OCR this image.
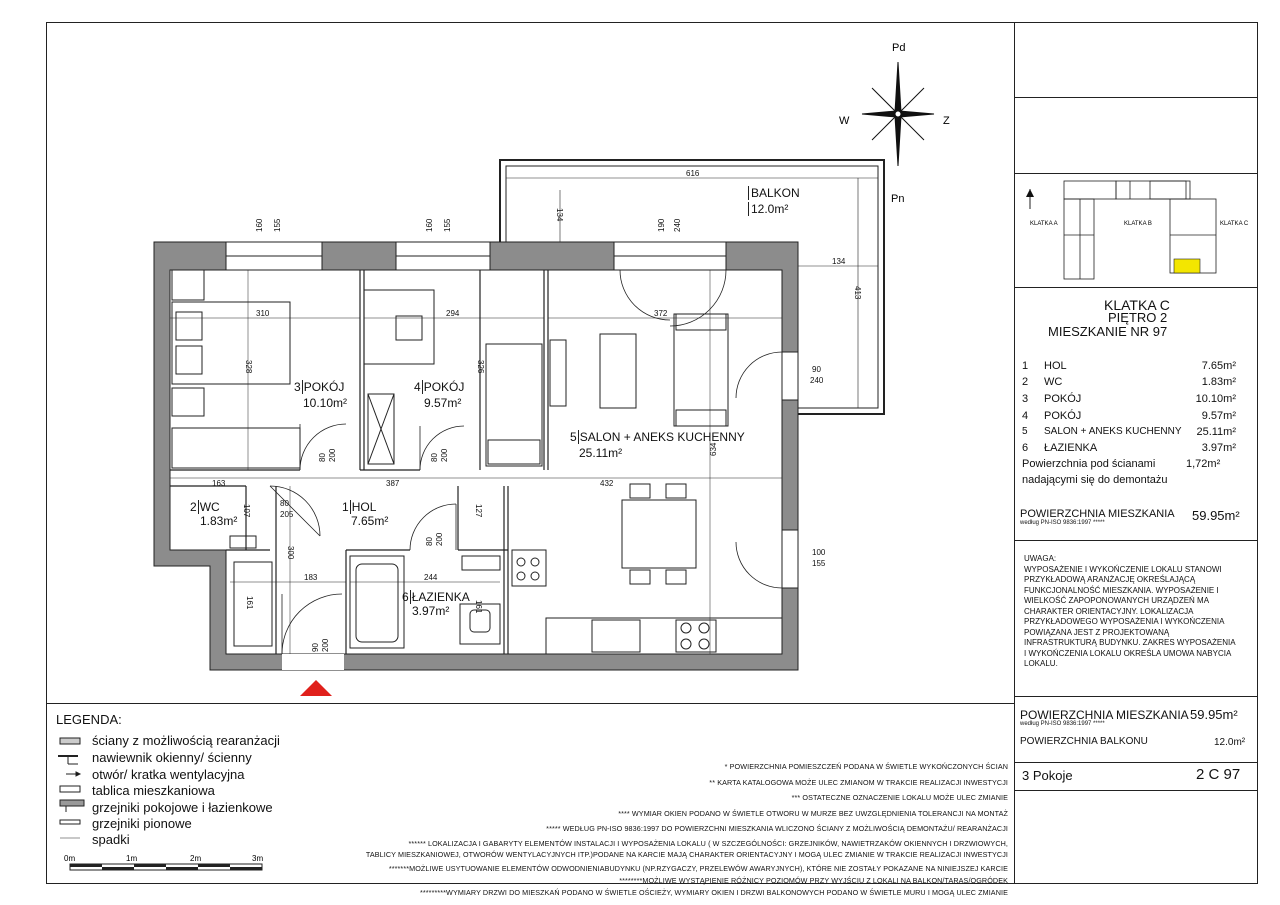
Pd
Pn
W	Z
616
134
134
413
160 155	160 155	190 240
310
328
294
326
372
634
80 200	80 200
90
240
100
155
163	387	432
80
205
107
80 200
300
183	244
127
161	161
90 200
3 POKÓJ
10.10m²
4 POKÓJ
9.57m²
5 SALON + ANEKS KUCHENNY
25.11m²
2 WC
1.83m²
1 HOL
7.65m²
6 ŁAZIENKA
3.97m²
BALKON
12.0m²
KLATKA A	KLATKA B	KLATKA C
KLATKA C
PIĘTRO 2
MIESZKANIE NR 97
1 HOL	7.65m²
2 WC	1.83m²
3 POKÓJ	10.10m²
4 POKÓJ	9.57m²
5 SALON + ANEKS KUCHENNY 25.11m²
6 ŁAZIENKA	3.97m²
Powierzchnia pod ścianami	1,72m²
nadającymi się do demontażu
POWIERZCHNIA MIESZKANIA
według PN-ISO 9836:1997 *****	59.95m²
UWAGA:
WYPOSAŻENIE I WYKOŃCZENIE LOKALU STANOWI
PRZYKŁADOWĄ ARANŻACJĘ OKREŚLAJĄCĄ
FUNKCJONALNOŚĆ MIESZKANIA. WYPOSAŻENIE I
WIELKOŚĆ ZAPOPONOWANYCH URZĄDZEŃ MA
CHARAKTER ORIENTACYJNY. LOKALIZACJA
PRZYKŁADOWEGO WYPOSAŻENIA I WYKOŃCZENIA
POWIĄZANA JEST Z PROJEKTOWANĄ
INFRASTRUKTURĄ BUDYNKU. ZAKRES WYPOSAŻENIA
I WYKOŃCZENIA LOKALU OKREŚLA UMOWA NABYCIA
LOKALU.
POWIERZCHNIA MIESZKANIA
według PN-ISO 9836:1997 *****
59.95m²
POWIERZCHNIA BALKONU	12.0m²
3 Pokoje	2 C 97
LEGENDA:
ściany z możliwością rearanżacji
nawiewnik okienny/ ścienny
otwór/ kratka wentylacyjna
tablica mieszkaniowa
grzejniki pokojowe i łazienkowe
grzejniki pionowe
spadki
0m	1m	2m	3m
* POWIERZCHNIA POMIESZCZEŃ PODANA W ŚWIETLE WYKOŃCZONYCH ŚCIAN
** KARTA KATALOGOWA MOŻE ULEC ZMIANOM W TRAKCIE REALIZACJI INWESTYCJI
*** OSTATECZNE OZNACZENIE LOKALU MOŻE ULEC ZMIANIE
**** WYMIAR OKIEN PODANO W ŚWIETLE OTWORU W MURZE BEZ UWZGLĘDNIENIA TOLERANCJI NA MONTAŻ
***** WEDŁUG PN-ISO 9836:1997 DO POWIERZCHNI MIESZKANIA WLICZONO ŚCIANY Z MOŻLIWOŚCIĄ DEMONTAŻU/ REARANŻACJI
****** LOKALIZACJA I GABARYTY ELEMENTÓW INSTALACJI I WYPOSAŻENIA LOKALU ( W SZCZEGÓLNOŚCI: GRZEJNIKÓW, NAWIETRZAKÓW OKIENNYCH I DRZWIOWYCH,
TABLICY MIESZKANIOWEJ, OTWORÓW WENTYLACYJNYCH ITP.)PODANE NA KARCIE MAJĄ CHARAKTER ORIENTACYJNY I MOGĄ ULEC ZMIANIE W TRAKCIE REALIZACJI INWESTYCJI
*******MOŻLIWE USYTUOWANIE ELEMENTÓW ODWODNIENIABUDYNKU (NP.RZYGACZY, PRZELEWÓW AWARYJNYCH), KTÓRE NIE ZOSTAŁY POKAZANE NA NINIEJSZEJ KARCIE
********MOŻLIWE WYSTĄPIENIE RÓŻNICY POZIOMÓW PRZY WYJŚCIU Z LOKALI NA BALKON/TARAS/OGRÓDEK
*********WYMIARY DRZWI DO MIESZKAŃ PODANO W ŚWIETLE OŚCIEŻY, WYMIARY OKIEN I DRZWI BALKONOWYCH PODANO W ŚWIETLE MURU I MOGĄ ULEC ZMIANIE
